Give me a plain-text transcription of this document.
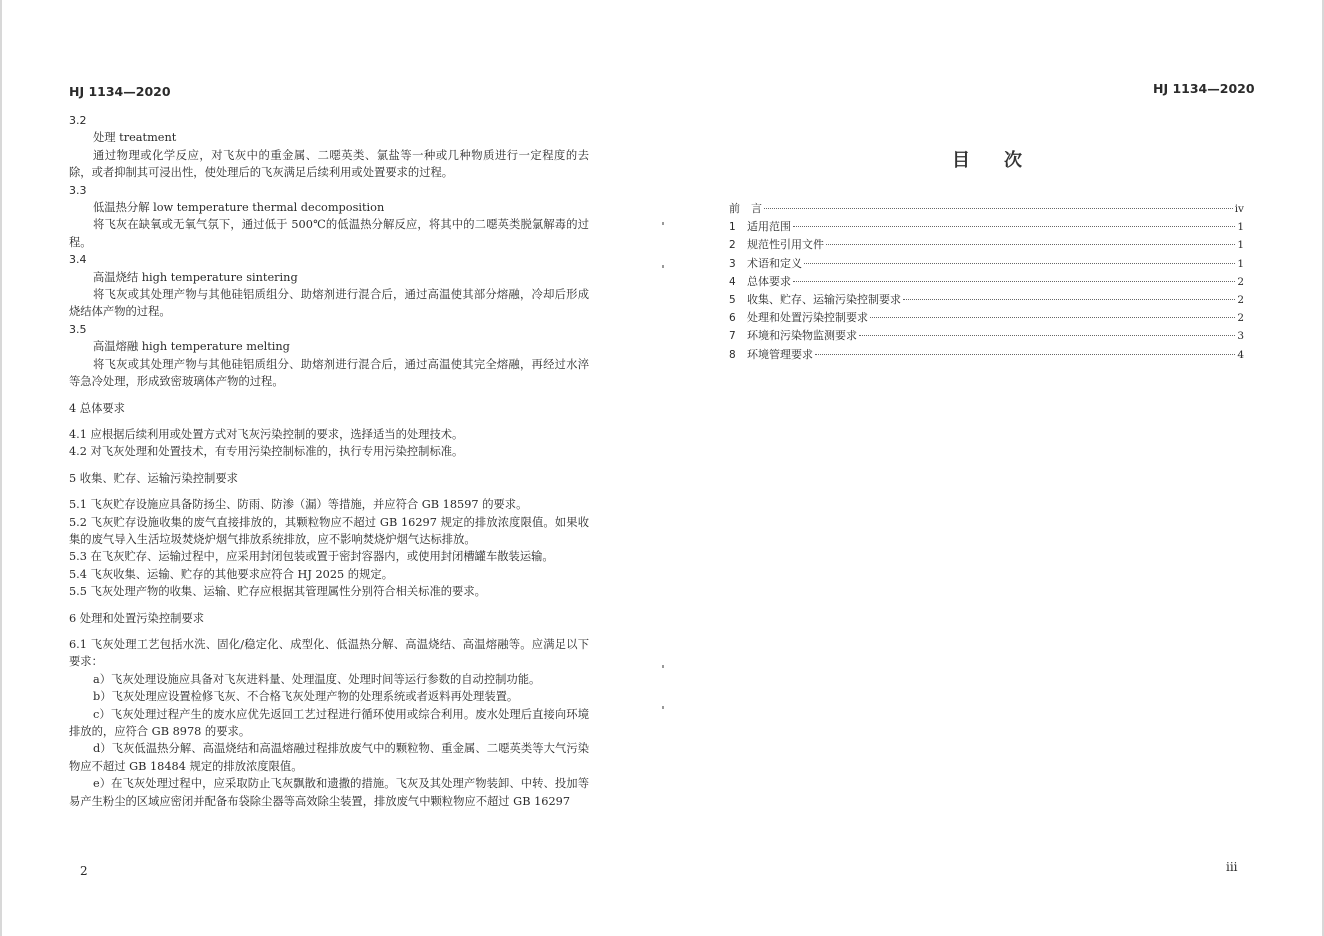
HJ 1134—2020

3.2

处理 treatment

通过物理或化学反应，对飞灰中的重金属、二噁英类、氯盐等一种或几种物质进行一定程度的去除，或者抑制其可浸出性，使处理后的飞灰满足后续利用或处置要求的过程。

3.3

低温热分解 low temperature thermal decomposition

将飞灰在缺氧或无氧气氛下，通过低于 500℃的低温热分解反应，将其中的二噁英类脱氯解毒的过程。

3.4

高温烧结 high temperature sintering

将飞灰或其处理产物与其他硅铝质组分、助熔剂进行混合后，通过高温使其部分熔融，冷却后形成烧结体产物的过程。

3.5

高温熔融 high temperature melting

将飞灰或其处理产物与其他硅铝质组分、助熔剂进行混合后，通过高温使其完全熔融，再经过水淬等急冷处理，形成致密玻璃体产物的过程。

4 总体要求

4.1 应根据后续利用或处置方式对飞灰污染控制的要求，选择适当的处理技术。

4.2 对飞灰处理和处置技术，有专用污染控制标准的，执行专用污染控制标准。

5 收集、贮存、运输污染控制要求

5.1 飞灰贮存设施应具备防扬尘、防雨、防渗（漏）等措施，并应符合 GB 18597 的要求。

5.2 飞灰贮存设施收集的废气直接排放的，其颗粒物应不超过 GB 16297 规定的排放浓度限值。如果收集的废气导入生活垃圾焚烧炉烟气排放系统排放，应不影响焚烧炉烟气达标排放。

5.3 在飞灰贮存、运输过程中，应采用封闭包装或置于密封容器内，或使用封闭槽罐车散装运输。

5.4 飞灰收集、运输、贮存的其他要求应符合 HJ 2025 的规定。

5.5 飞灰处理产物的收集、运输、贮存应根据其管理属性分别符合相关标准的要求。

6 处理和处置污染控制要求

6.1 飞灰处理工艺包括水洗、固化/稳定化、成型化、低温热分解、高温烧结、高温熔融等。应满足以下要求：

a）飞灰处理设施应具备对飞灰进料量、处理温度、处理时间等运行参数的自动控制功能。

b）飞灰处理应设置检修飞灰、不合格飞灰处理产物的处理系统或者返料再处理装置。

c）飞灰处理过程产生的废水应优先返回工艺过程进行循环使用或综合利用。废水处理后直接向环境排放的，应符合 GB 8978 的要求。

d）飞灰低温热分解、高温烧结和高温熔融过程排放废气中的颗粒物、重金属、二噁英类等大气污染物应不超过 GB 18484 规定的排放浓度限值。

e）在飞灰处理过程中，应采取防止飞灰飘散和遗撒的措施。飞灰及其处理产物装卸、中转、投加等易产生粉尘的区域应密闭并配备布袋除尘器等高效除尘装置，排放废气中颗粒物应不超过 GB 16297

2
HJ 1134—2020
目次
前　言	iv
1	适用范围	1
2	规范性引用文件	1
3	术语和定义	1
4	总体要求	2
5	收集、贮存、运输污染控制要求	2
6	处理和处置污染控制要求	2
7	环境和污染物监测要求	3
8	环境管理要求	4
iii
